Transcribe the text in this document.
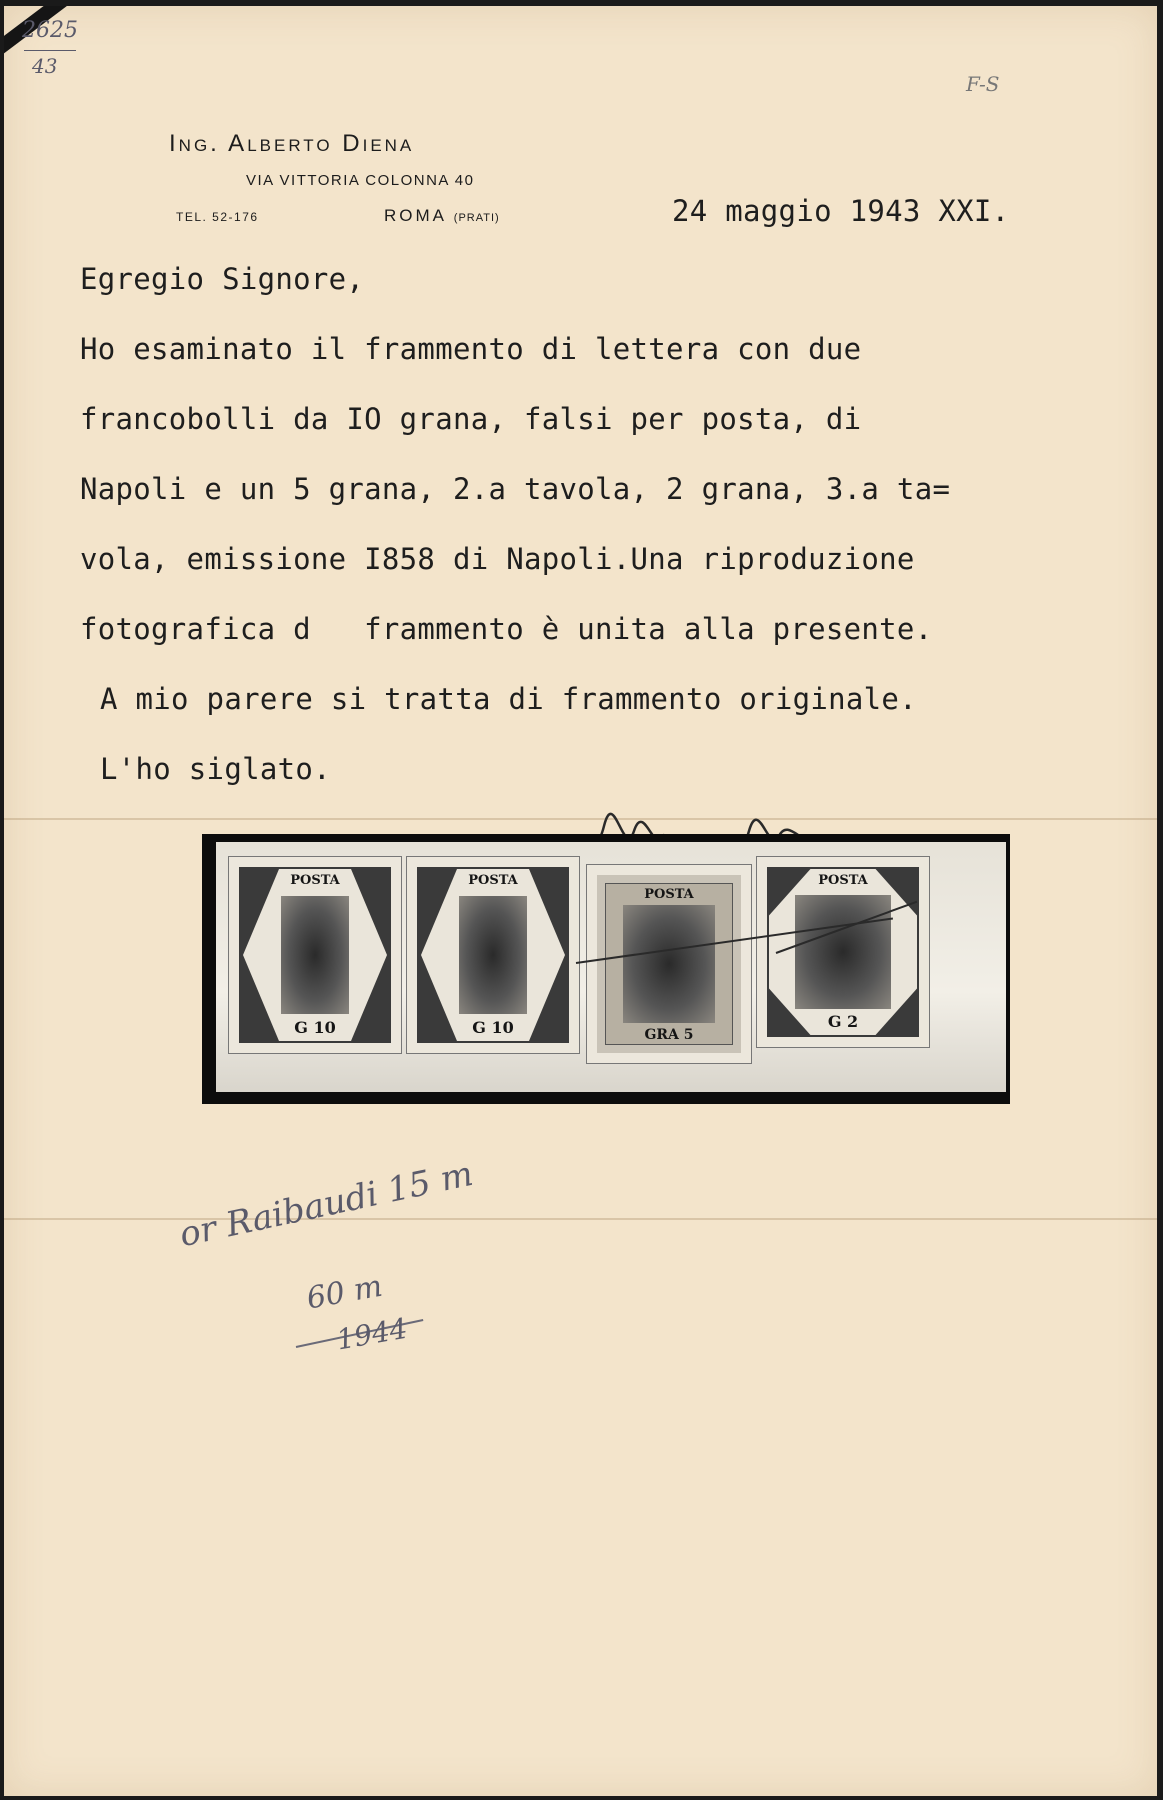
2625
43
F-S
Ing. Alberto Diena
VIA VITTORIA COLONNA 40
TEL. 52-176	ROMA (PRATI)	24 maggio 1943 XXI.
Egregio Signore,
Ho esaminato il frammento di lettera con due
francobolli da IO grana, falsi per posta, di
Napoli e un 5 grana, 2.a tavola, 2 grana, 3.a ta=
vola, emissione I858 di Napoli.Una riproduzione
fotografica d   frammento è unita alla presente.
A mio parere si tratta di frammento originale.
L'ho siglato.
POSTA
G 10
POSTA
G 10
POSTA
GRA 5
POSTA
G 2
or Raibaudi 15 m
60 m
1944
